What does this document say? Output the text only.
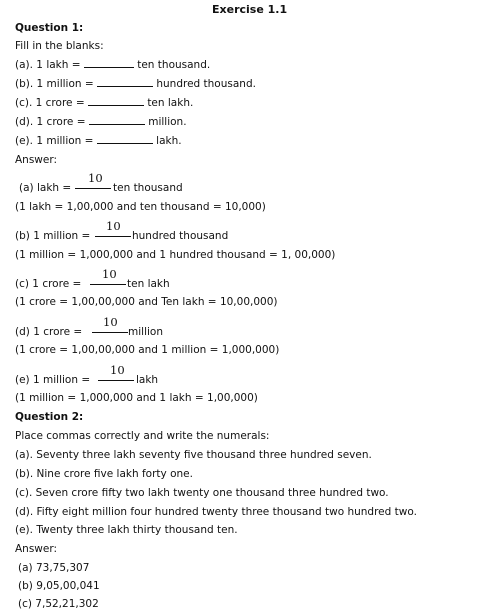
Exercise 1.1
Question 1:
Fill in the blanks:
(a). 1 lakh =	ten thousand.
(b). 1 million =	hundred thousand.
(c). 1 crore =	ten lakh.
(d). 1 crore =	million.
(e). 1 million =	lakh.
Answer:
(a) lakh =
10
ten thousand
(1 lakh = 1,00,000 and ten thousand = 10,000)
(b) 1 million =
10
hundred thousand
(1 million = 1,000,000 and 1 hundred thousand = 1, 00,000)
(c) 1 crore =
10
ten lakh
(1 crore = 1,00,00,000 and Ten lakh = 10,00,000)
(d) 1 crore =
10
million
(1 crore = 1,00,00,000 and 1 million = 1,000,000)
(e) 1 million =
10
lakh
(1 million = 1,000,000 and 1 lakh = 1,00,000)
Question 2:
Place commas correctly and write the numerals:
(a). Seventy three lakh seventy five thousand three hundred seven.
(b). Nine crore five lakh forty one.
(c). Seven crore fifty two lakh twenty one thousand three hundred two.
(d). Fifty eight million four hundred twenty three thousand two hundred two.
(e). Twenty three lakh thirty thousand ten.
Answer:
(a) 73,75,307
(b) 9,05,00,041
(c) 7,52,21,302
